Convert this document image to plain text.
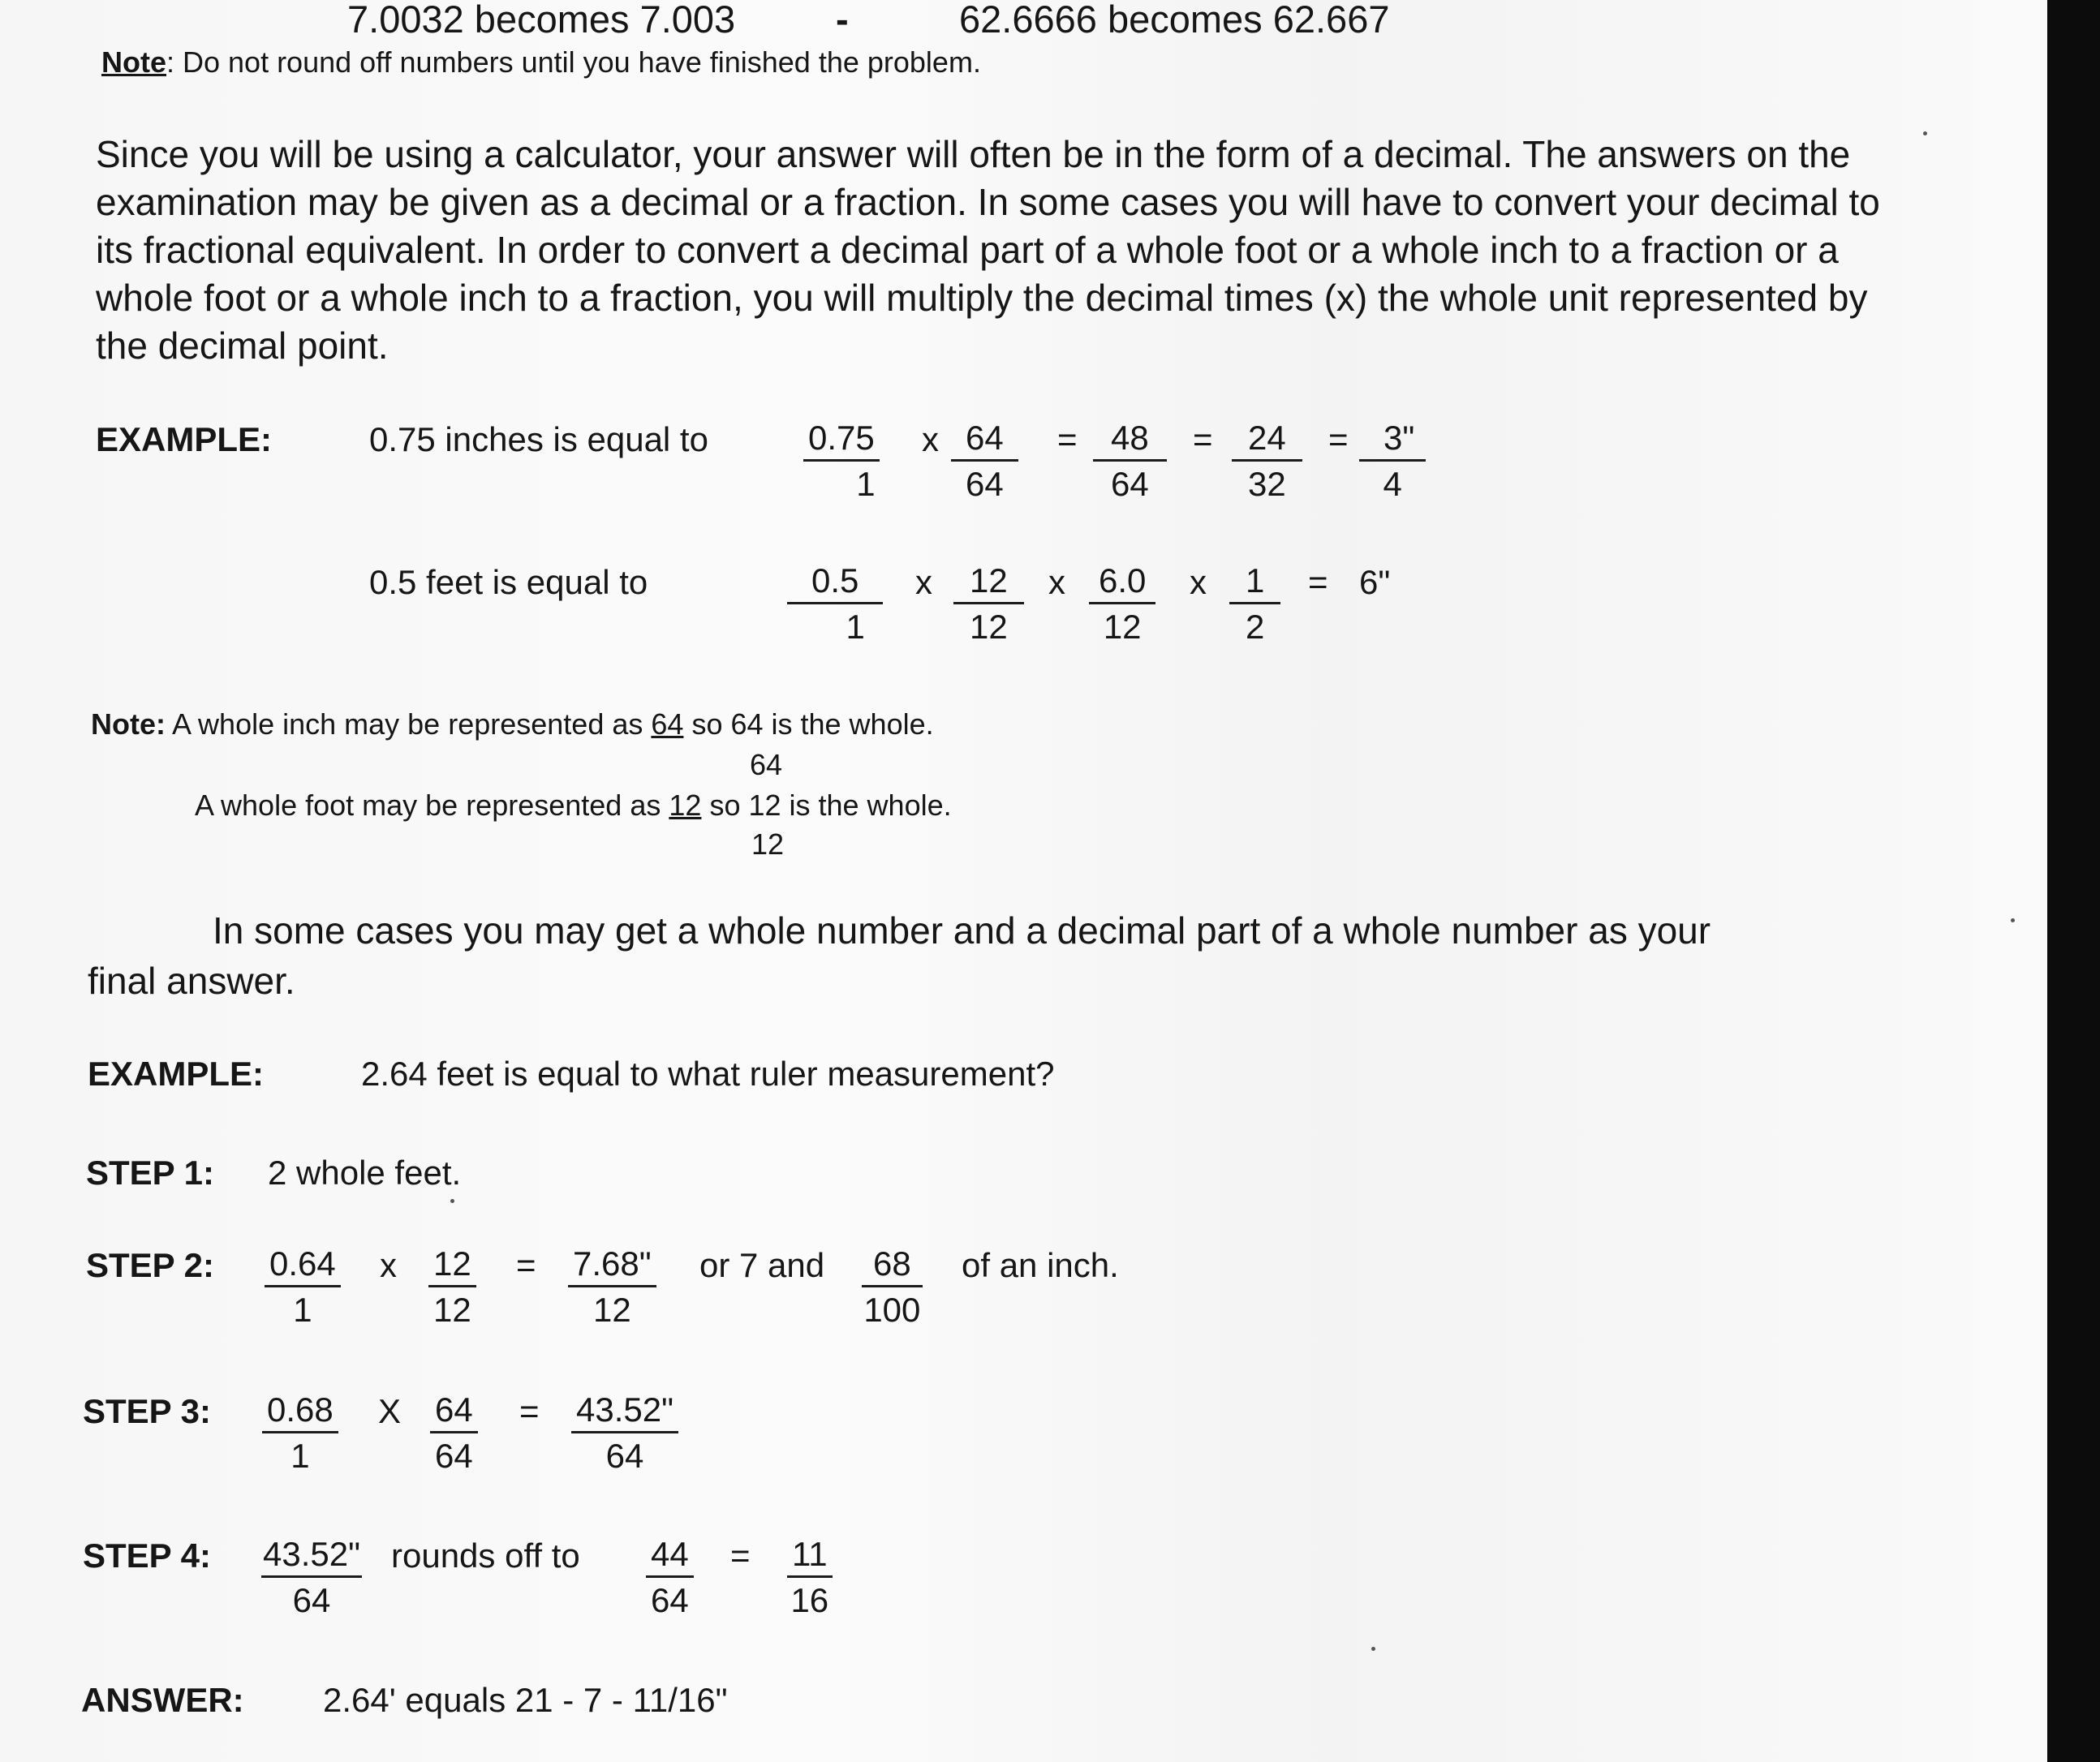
7.0032 becomes 7.003	-	62.6666 becomes 62.667
Note: Do not round off numbers until you have finished the problem.
Since you will be using a calculator, your answer will often be in the form of a decimal. The answers on the examination may be given as a decimal or a fraction. In some cases you will have to convert your decimal to its fractional equivalent. In order to convert a decimal part of a whole foot or a whole inch to a fraction or a whole foot or a whole inch to a fraction, you will multiply the decimal times (x) the whole unit represented by the decimal point.
EXAMPLE:	0.75 inches is equal to	$\frac{0.75}{1}$ x $\frac{64}{64} = \frac{48}{64} = \frac{24}{32} = \frac{3"}{4}$
0.5 feet is equal to	$\frac{0.5}{1}$ x $\frac{12}{12}$ x $\frac{6.0}{12}$ x $\frac{1}{2} = 6$"
Note: A whole inch may be represented as 64 so 64 is the whole.
64
A whole foot may be represented as 12 so 12 is the whole.
12
In some cases you may get a whole number and a decimal part of a whole number as your
final answer.
EXAMPLE:	2.64 feet is equal to what ruler measurement?
STEP 1: 2 whole feet.
STEP 2: $\frac{0.64}{1}$ x $\frac{12}{12} = \frac{7.68"}{12}$ or 7 and $\frac{68}{100}$ of an inch.
STEP 3: $\frac{0.68}{1}$ X $\frac{64}{64} = \frac{43.52"}{64}$
STEP 4: $\frac{43.52"}{64}$ rounds off to $\frac{44}{64} = \frac{11}{16}$
ANSWER: 2.64' equals 21 - 7 - 11/16"
